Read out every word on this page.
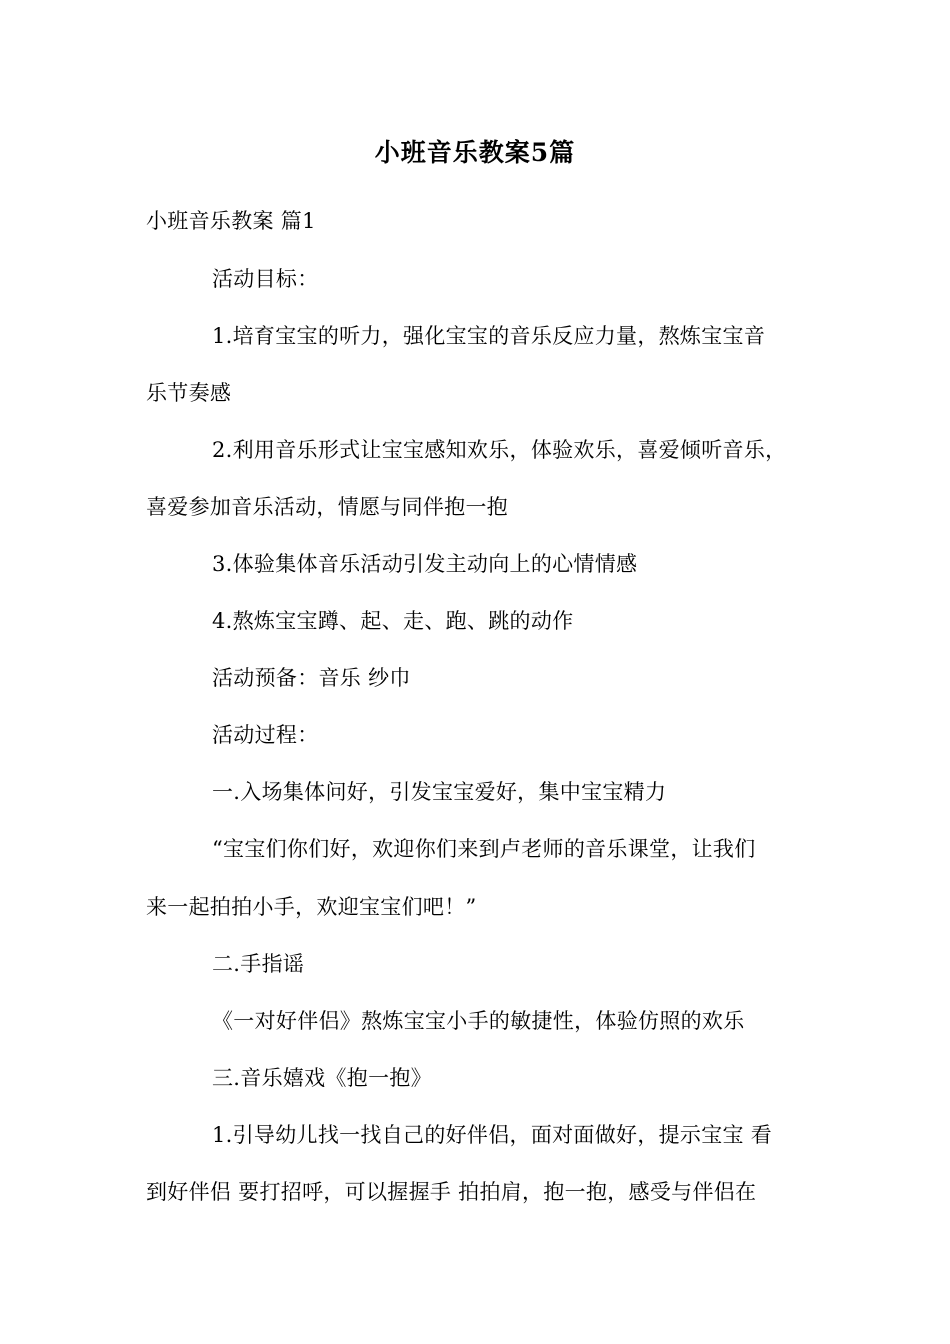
小班音乐教案5篇
小班音乐教案 篇1
活动目标：
1.培育宝宝的听力，强化宝宝的音乐反应力量，熬炼宝宝音
乐节奏感
2.利用音乐形式让宝宝感知欢乐，体验欢乐，喜爱倾听音乐，
喜爱参加音乐活动，情愿与同伴抱一抱
3.体验集体音乐活动引发主动向上的心情情感
4.熬炼宝宝蹲、起、走、跑、跳的动作
活动预备：音乐 纱巾
活动过程：
一.入场集体问好，引发宝宝爱好，集中宝宝精力
“宝宝们你们好，欢迎你们来到卢老师的音乐课堂，让我们
来一起拍拍小手，欢迎宝宝们吧！”
二.手指谣
《一对好伴侣》熬炼宝宝小手的敏捷性，体验仿照的欢乐
三.音乐嬉戏《抱一抱》
1.引导幼儿找一找自己的好伴侣，面对面做好，提示宝宝 看
到好伴侣 要打招呼，可以握握手 拍拍肩，抱一抱，感受与伴侣在
